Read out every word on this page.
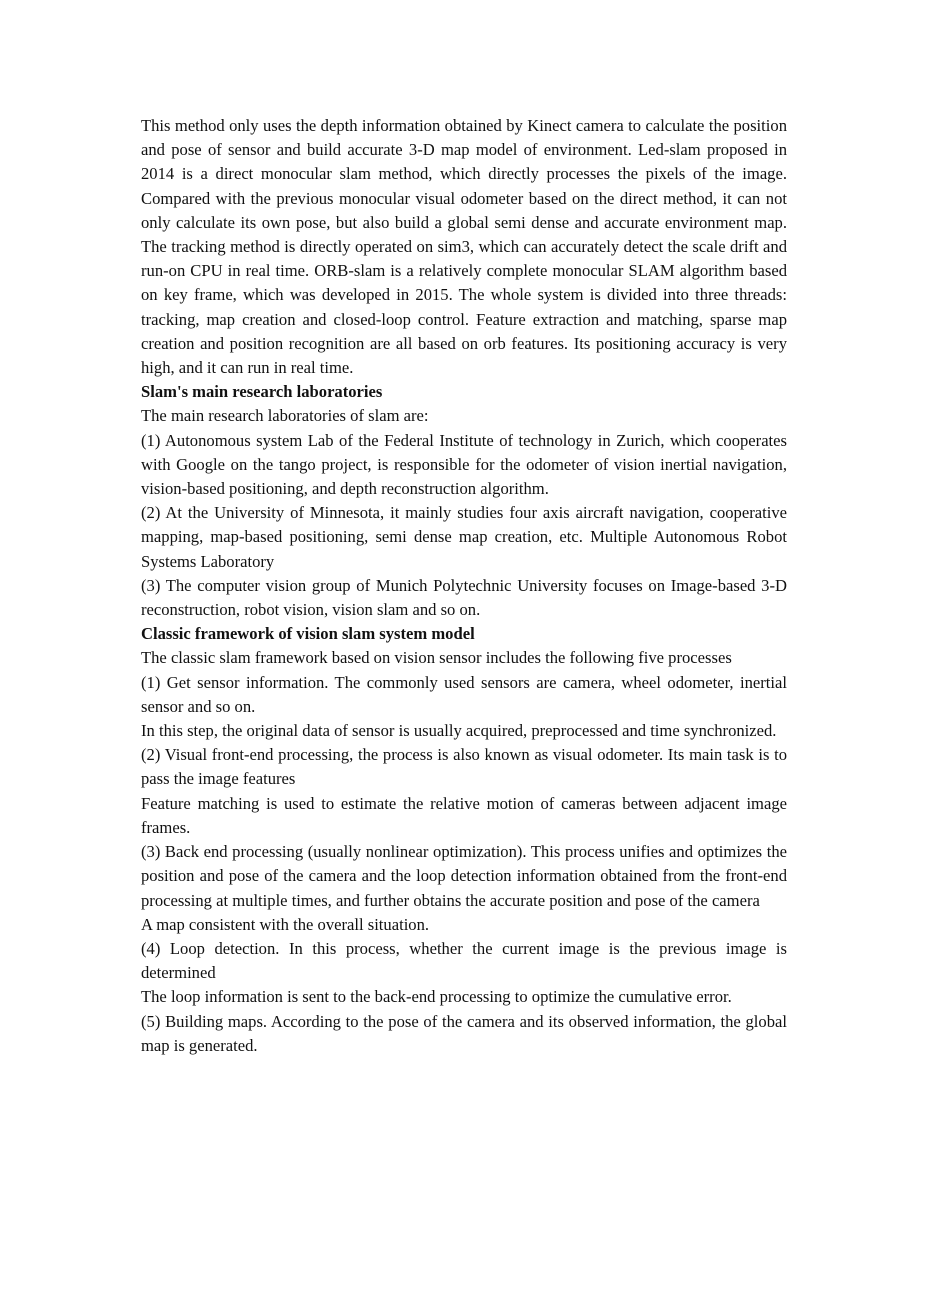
This method only uses the depth information obtained by Kinect camera to calculate the position and pose of sensor and build accurate 3-D map model of environment. Led-slam proposed in 2014 is a direct monocular slam method, which directly processes the pixels of the image. Compared with the previous monocular visual odometer based on the direct method, it can not only calculate its own pose, but also build a global semi dense and accurate environment map. The tracking method is directly operated on sim3, which can accurately detect the scale drift and run-on CPU in real time. ORB-slam is a relatively complete monocular SLAM algorithm based on key frame, which was developed in 2015. The whole system is divided into three threads: tracking, map creation and closed-loop control. Feature extraction and matching, sparse map creation and position recognition are all based on orb features. Its positioning accuracy is very high, and it can run in real time.

Slam's main research laboratories

The main research laboratories of slam are:

(1) Autonomous system Lab of the Federal Institute of technology in Zurich, which cooperates with Google on the tango project, is responsible for the odometer of vision inertial navigation, vision-based positioning, and depth reconstruction algorithm.

(2) At the University of Minnesota, it mainly studies four axis aircraft navigation, cooperative mapping, map-based positioning, semi dense map creation, etc. Multiple Autonomous Robot Systems Laboratory

(3) The computer vision group of Munich Polytechnic University focuses on Image-based 3-D reconstruction, robot vision, vision slam and so on.

Classic framework of vision slam system model

The classic slam framework based on vision sensor includes the following five processes

(1) Get sensor information. The commonly used sensors are camera, wheel odometer, inertial sensor and so on.

In this step, the original data of sensor is usually acquired, preprocessed and time synchronized.

(2) Visual front-end processing, the process is also known as visual odometer. Its main task is to pass the image features

Feature matching is used to estimate the relative motion of cameras between adjacent image frames.

(3) Back end processing (usually nonlinear optimization). This process unifies and optimizes the position and pose of the camera and the loop detection information obtained from the front-end processing at multiple times, and further obtains the accurate position and pose of the camera

A map consistent with the overall situation.

(4) Loop detection. In this process, whether the current image is the previous image is determined

The loop information is sent to the back-end processing to optimize the cumulative error.

(5) Building maps. According to the pose of the camera and its observed information, the global map is generated.
